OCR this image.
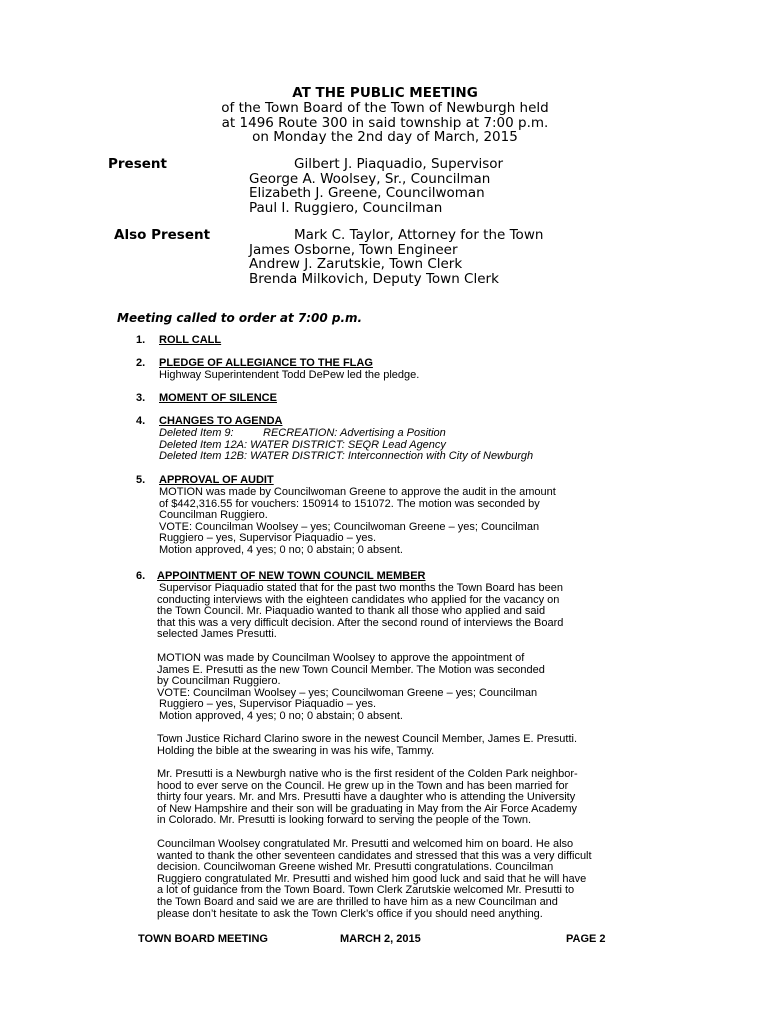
AT THE PUBLIC MEETING
of the Town Board of the Town of Newburgh held
at 1496 Route 300 in said township at 7:00 p.m.
on Monday the 2nd day of March, 2015
Present	Gilbert J. Piaquadio, Supervisor
George A. Woolsey, Sr., Councilman
Elizabeth J. Greene, Councilwoman
Paul I. Ruggiero, Councilman
Also Present	Mark C. Taylor, Attorney for the Town
James Osborne, Town Engineer
Andrew J. Zarutskie, Town Clerk
Brenda Milkovich, Deputy Town Clerk
Meeting called to order at 7:00 p.m.
1. ROLL CALL
2. PLEDGE OF ALLEGIANCE TO THE FLAG
Highway Superintendent Todd DePew led the pledge.
3. MOMENT OF SILENCE
4. CHANGES TO AGENDA
Deleted Item 9:	RECREATION: Advertising a Position
Deleted Item 12A: WATER DISTRICT: SEQR Lead Agency
Deleted Item 12B: WATER DISTRICT: Interconnection with City of Newburgh
5. APPROVAL OF AUDIT
MOTION was made by Councilwoman Greene to approve the audit in the amount
of $442,316.55 for vouchers: 150914 to 151072. The motion was seconded by
Councilman Ruggiero.
VOTE: Councilman Woolsey – yes; Councilwoman Greene – yes; Councilman
Ruggiero – yes, Supervisor Piaquadio – yes.
Motion approved, 4 yes; 0 no; 0 abstain; 0 absent.
6. APPOINTMENT OF NEW TOWN COUNCIL MEMBER
Supervisor Piaquadio stated that for the past two months the Town Board has been
conducting interviews with the eighteen candidates who applied for the vacancy on
the Town Council. Mr. Piaquadio wanted to thank all those who applied and said
that this was a very difficult decision. After the second round of interviews the Board
selected James Presutti.
MOTION was made by Councilman Woolsey to approve the appointment of
James E. Presutti as the new Town Council Member. The Motion was seconded
by Councilman Ruggiero.
VOTE: Councilman Woolsey – yes; Councilwoman Greene – yes; Councilman
Ruggiero – yes, Supervisor Piaquadio – yes.
Motion approved, 4 yes; 0 no; 0 abstain; 0 absent.
Town Justice Richard Clarino swore in the newest Council Member, James E. Presutti.
Holding the bible at the swearing in was his wife, Tammy.
Mr. Presutti is a Newburgh native who is the first resident of the Colden Park neighbor-
hood to ever serve on the Council. He grew up in the Town and has been married for
thirty four years. Mr. and Mrs. Presutti have a daughter who is attending the University
of New Hampshire and their son will be graduating in May from the Air Force Academy
in Colorado. Mr. Presutti is looking forward to serving the people of the Town.
Councilman Woolsey congratulated Mr. Presutti and welcomed him on board. He also
wanted to thank the other seventeen candidates and stressed that this was a very difficult
decision. Councilwoman Greene wished Mr. Presutti congratulations. Councilman
Ruggiero congratulated Mr. Presutti and wished him good luck and said that he will have
a lot of guidance from the Town Board. Town Clerk Zarutskie welcomed Mr. Presutti to
the Town Board and said we are are thrilled to have him as a new Councilman and
please don’t hesitate to ask the Town Clerk’s office if you should need anything.
TOWN BOARD MEETING	MARCH 2, 2015	PAGE 2
